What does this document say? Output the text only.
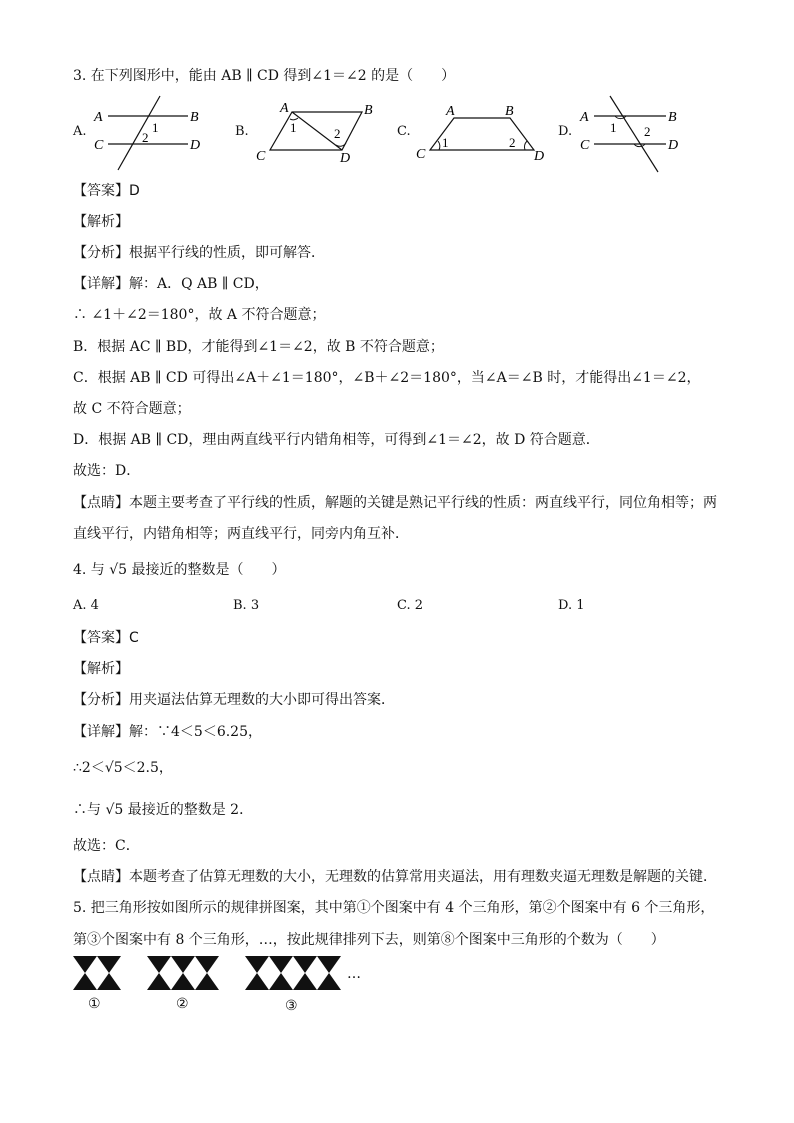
3. 在下列图形中，能由 AB ∥ CD 得到∠1＝∠2 的是（　　）
A.
A	B
C	D
1
2	B.
A	B
C	D
1	2	C.
A	B
C	D
1	2
D.
A	B
C	D
1 2
【答案】D
【解析】
【分析】根据平行线的性质，即可解答．
【详解】解：A．Q AB ∥ CD，
∴ ∠1＋∠2＝180°，故 A 不符合题意；
B．根据 AC ∥ BD，才能得到∠1＝∠2，故 B 不符合题意；
C．根据 AB ∥ CD 可得出∠A＋∠1＝180°，∠B＋∠2＝180°，当∠A＝∠B 时，才能得出∠1＝∠2，
故 C 不符合题意；
D．根据 AB ∥ CD，理由两直线平行内错角相等，可得到∠1＝∠2，故 D 符合题意．
故选：D．
【点睛】本题主要考查了平行线的性质，解题的关键是熟记平行线的性质：两直线平行，同位角相等；两
直线平行，内错角相等；两直线平行，同旁内角互补．
4. 与 √5 最接近的整数是（　　）
A. 4	B. 3	C. 2	D. 1
【答案】C
【解析】
【分析】用夹逼法估算无理数的大小即可得出答案．
【详解】解：∵4＜5＜6.25，
∴2＜√5＜2.5，
∴与 √5 最接近的整数是 2．
故选：C．
【点睛】本题考查了估算无理数的大小，无理数的估算常用夹逼法，用有理数夹逼无理数是解题的关键．
5. 把三角形按如图所示的规律拼图案，其中第①个图案中有 4 个三角形，第②个图案中有 6 个三角形，
第③个图案中有 8 个三角形，…，按此规律排列下去，则第⑧个图案中三角形的个数为（　　）
①	②	③
…
